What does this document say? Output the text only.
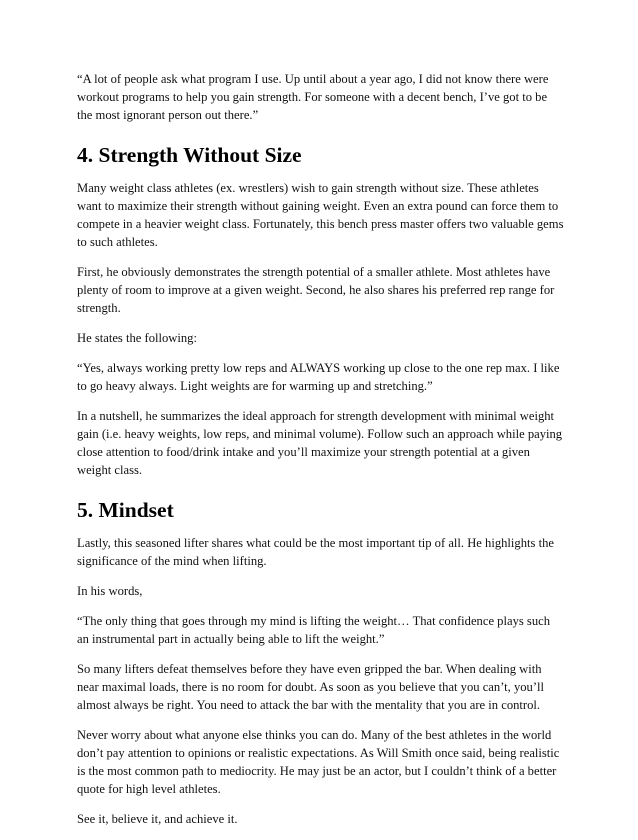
“A lot of people ask what program I use. Up until about a year ago, I did not know there were workout programs to help you gain strength. For someone with a decent bench, I’ve got to be the most ignorant person out there.”

4. Strength Without Size

Many weight class athletes (ex. wrestlers) wish to gain strength without size. These athletes want to maximize their strength without gaining weight. Even an extra pound can force them to compete in a heavier weight class. Fortunately, this bench press master offers two valuable gems to such athletes.

First, he obviously demonstrates the strength potential of a smaller athlete. Most athletes have plenty of room to improve at a given weight. Second, he also shares his preferred rep range for strength.

He states the following:

“Yes, always working pretty low reps and ALWAYS working up close to the one rep max. I like to go heavy always. Light weights are for warming up and stretching.”

In a nutshell, he summarizes the ideal approach for strength development with minimal weight gain (i.e. heavy weights, low reps, and minimal volume). Follow such an approach while paying close attention to food/drink intake and you’ll maximize your strength potential at a given weight class.

5. Mindset

Lastly, this seasoned lifter shares what could be the most important tip of all. He highlights the significance of the mind when lifting.

In his words,

“The only thing that goes through my mind is lifting the weight… That confidence plays such an instrumental part in actually being able to lift the weight.”

So many lifters defeat themselves before they have even gripped the bar. When dealing with near maximal loads, there is no room for doubt. As soon as you believe that you can’t, you’ll almost always be right. You need to attack the bar with the mentality that you are in control.

Never worry about what anyone else thinks you can do. Many of the best athletes in the world don’t pay attention to opinions or realistic expectations. As Will Smith once said, being realistic is the most common path to mediocrity. He may just be an actor, but I couldn’t think of a better quote for high level athletes.

See it, believe it, and achieve it.
